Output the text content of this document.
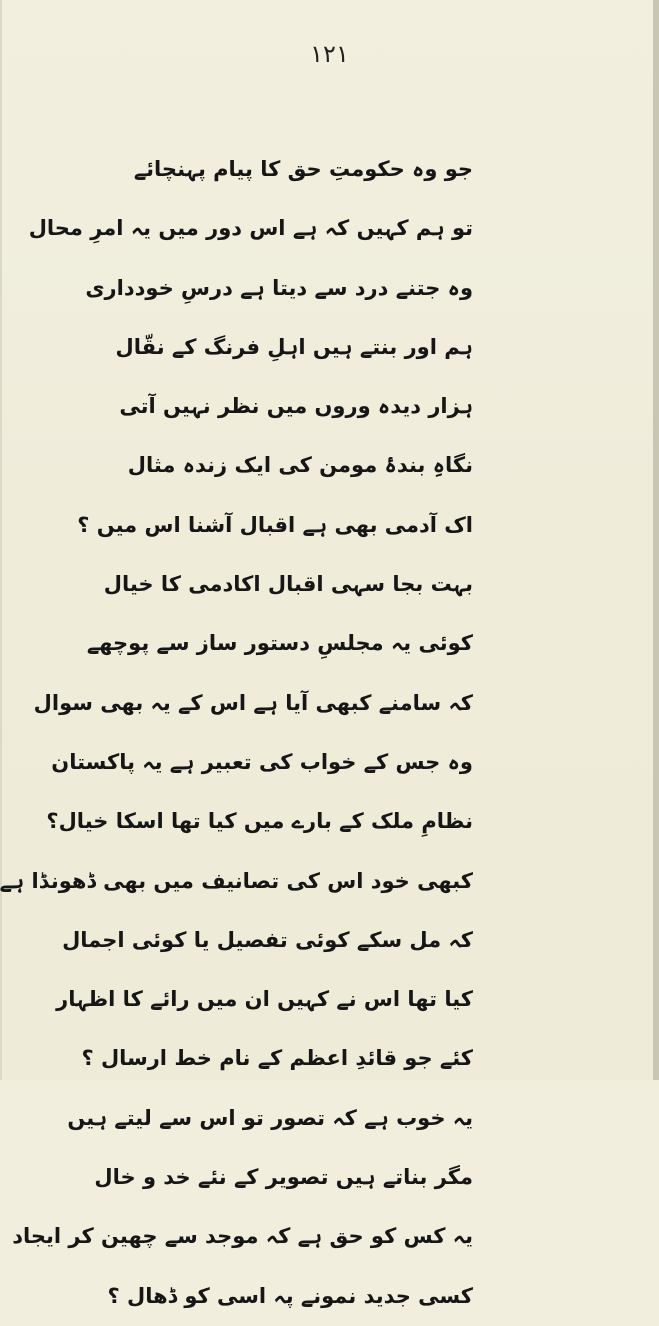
۱۲۱
جو وہ حکومتِ حق کا پیام پہنچائے
تو ہم کہیں کہ ہے اس دور میں یہ امرِ محال
وہ جتنے درد سے دیتا ہے درسِ خودداری
ہم اور بنتے ہیں اہلِ فرنگ کے نقّال
ہزار دیدہ وروں میں نظر نہیں آتی
نگاہِ بندۂ مومن کی ایک زندہ مثال
اک آدمی بھی ہے اقبال آشنا اس میں ؟
بہت بجا سہی اقبال اکادمی کا خیال
کوئی یہ مجلسِ دستور ساز سے پوچھے
کہ سامنے کبھی آیا ہے اس کے یہ بھی سوال
وہ جس کے خواب کی تعبیر ہے یہ پاکستان
نظامِ ملک کے بارے میں کیا تھا اسکا خیال؟
کبھی خود اس کی تصانیف میں بھی ڈھونڈا ہے
کہ مل سکے کوئی تفصیل یا کوئی اجمال
کیا تھا اس نے کہیں ان میں رائے کا اظہار
کئے جو قائدِ اعظم کے نام خط ارسال ؟
یہ خوب ہے کہ تصور تو اس سے لیتے ہیں
مگر بناتے ہیں تصویر کے نئے خد و خال
یہ کس کو حق ہے کہ موجد سے چھین کر ایجاد
کسی جدید نمونے پہ اسی کو ڈھال ؟
